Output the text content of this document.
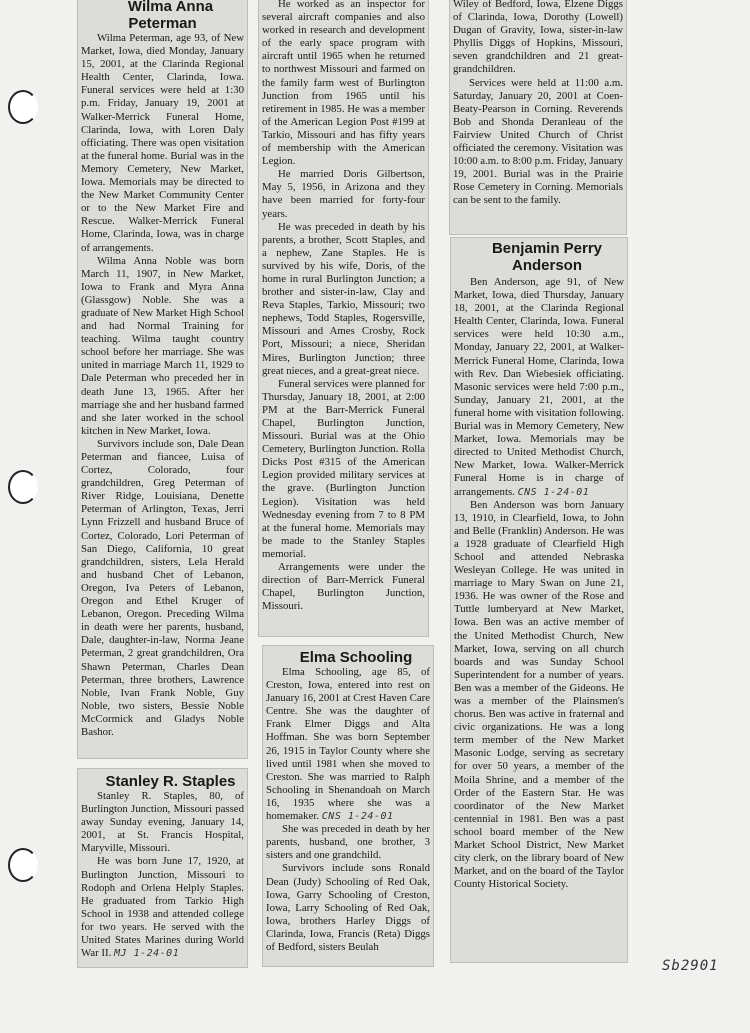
Wilma Anna Peterman

Wilma Peterman, age 93, of New Market, Iowa, died Monday, January 15, 2001, at the Clarinda Regional Health Center, Clarinda, Iowa. Funeral services were held at 1:30 p.m. Friday, January 19, 2001 at Walker-Merrick Funeral Home, Clarinda, Iowa, with Loren Daly officiating. There was open visitation at the funeral home. Burial was in the Memory Cemetery, New Market, Iowa. Memorials may be directed to the New Market Community Center or to the New Market Fire and Rescue. Walker-Merrick Funeral Home, Clarinda, Iowa, was in charge of arrangements.

Wilma Anna Noble was born March 11, 1907, in New Market, Iowa to Frank and Myra Anna (Glassgow) Noble. She was a graduate of New Market High School and had Normal Training for teaching. Wilma taught country school before her marriage. She was united in marriage March 11, 1929 to Dale Peterman who preceded her in death June 13, 1965. After her marriage she and her husband farmed and she later worked in the school kitchen in New Market, Iowa.

Survivors include son, Dale Dean Peterman and fiancee, Luisa of Cortez, Colorado, four grandchildren, Greg Peterman of River Ridge, Louisiana, Denette Peterman of Arlington, Texas, Jerri Lynn Frizzell and husband Bruce of Cortez, Colorado, Lori Peterman of San Diego, California, 10 great grandchildren, sisters, Lela Herald and husband Chet of Lebanon, Oregon, Iva Peters of Lebanon, Oregon and Ethel Kruger of Lebanon, Oregon. Preceding Wilma in death were her parents, husband, Dale, daughter-in-law, Norma Jeane Peterman, 2 great grandchildren, Ora Shawn Peterman, Charles Dean Peterman, three brothers, Lawrence Noble, Ivan Frank Noble, Guy Noble, two sisters, Bessie Noble McCormick and Gladys Noble Bashor.

Stanley R. Staples

Stanley R. Staples, 80, of Burlington Junction, Missouri passed away Sunday evening, January 14, 2001, at St. Francis Hospital, Maryville, Missouri.

He was born June 17, 1920, at Burlington Junction, Missouri to Rodoph and Orlena Helply Staples. He graduated from Tarkio High School in 1938 and attended college for two years. He served with the United States Marines during World War II. MJ 1-24-01

He worked as an inspector for several aircraft companies and also worked in research and development of the early space program with aircraft until 1965 when he returned to northwest Missouri and farmed on the family farm west of Burlington Junction from 1965 until his retirement in 1985. He was a member of the American Legion Post #199 at Tarkio, Missouri and has fifty years of membership with the American Legion.

He married Doris Gilbertson, May 5, 1956, in Arizona and they have been married for forty-four years.

He was preceded in death by his parents, a brother, Scott Staples, and a nephew, Zane Staples. He is survived by his wife, Doris, of the home in rural Burlington Junction; a brother and sister-in-law, Clay and Reva Staples, Tarkio, Missouri; two nephews, Todd Staples, Rogersville, Missouri and Ames Crosby, Rock Port, Missouri; a niece, Sheridan Mires, Burlington Junction; three great nieces, and a great-great niece.

Funeral services were planned for Thursday, January 18, 2001, at 2:00 PM at the Barr-Merrick Funeral Chapel, Burlington Junction, Missouri. Burial was at the Ohio Cemetery, Burlington Junction. Rolla Dicks Post #315 of the American Legion provided military services at the grave. (Burlington Junction Legion). Visitation was held Wednesday evening from 7 to 8 PM at the funeral home. Memorials may be made to the Stanley Staples memorial.

Arrangements were under the direction of Barr-Merrick Funeral Chapel, Burlington Junction, Missouri.

Elma Schooling

Elma Schooling, age 85, of Creston, Iowa, entered into rest on January 16, 2001 at Crest Haven Care Centre. She was the daughter of Frank Elmer Diggs and Alta Hoffman. She was born September 26, 1915 in Taylor County where she lived until 1981 when she moved to Creston. She was married to Ralph Schooling in Shenandoah on March 16, 1935 where she was a homemaker. CNS 1-24-01

She was preceded in death by her parents, husband, one brother, 3 sisters and one grandchild.

Survivors include sons Ronald Dean (Judy) Schooling of Red Oak, Iowa, Garry Schooling of Creston, Iowa, Larry Schooling of Red Oak, Iowa, brothers Harley Diggs of Clarinda, Iowa, Francis (Reta) Diggs of Bedford, sisters Beulah

Wiley of Bedford, Iowa, Elzene Diggs of Clarinda, Iowa, Dorothy (Lowell) Dugan of Gravity, Iowa, sister-in-law Phyllis Diggs of Hopkins, Missouri, seven grandchildren and 21 great-grandchildren.

Services were held at 11:00 a.m. Saturday, January 20, 2001 at Coen-Beaty-Pearson in Corning. Reverends Bob and Shonda Deranleau of the Fairview United Church of Christ officiated the ceremony. Visitation was 10:00 a.m. to 8:00 p.m. Friday, January 19, 2001. Burial was in the Prairie Rose Cemetery in Corning. Memorials can be sent to the family.

Benjamin Perry

Anderson

Ben Anderson, age 91, of New Market, Iowa, died Thursday, January 18, 2001, at the Clarinda Regional Health Center, Clarinda, Iowa. Funeral services were held 10:30 a.m., Monday, January 22, 2001, at Walker-Merrick Funeral Home, Clarinda, Iowa with Rev. Dan Wiebesiek officiating. Masonic services were held 7:00 p.m., Sunday, January 21, 2001, at the funeral home with visitation following. Burial was in Memory Cemetery, New Market, Iowa. Memorials may be directed to United Methodist Church, New Market, Iowa. Walker-Merrick Funeral Home is in charge of arrangements. CNS 1-24-01

Ben Anderson was born January 13, 1910, in Clearfield, Iowa, to John and Belle (Franklin) Anderson. He was a 1928 graduate of Clearfield High School and attended Nebraska Wesleyan College. He was united in marriage to Mary Swan on June 21, 1936. He was owner of the Rose and Tuttle lumberyard at New Market, Iowa. Ben was an active member of the United Methodist Church, New Market, Iowa, serving on all church boards and was Sunday School Superintendent for a number of years. Ben was a member of the Gideons. He was a member of the Plainsmen's chorus. Ben was active in fraternal and civic organizations. He was a long term member of the New Market Masonic Lodge, serving as secretary for over 50 years, a member of the Moila Shrine, and a member of the Order of the Eastern Star. He was coordinator of the New Market centennial in 1981. Ben was a past school board member of the New Market School District, New Market city clerk, on the library board of New Market, and on the board of the Taylor County Historical Society.

Sb2901
